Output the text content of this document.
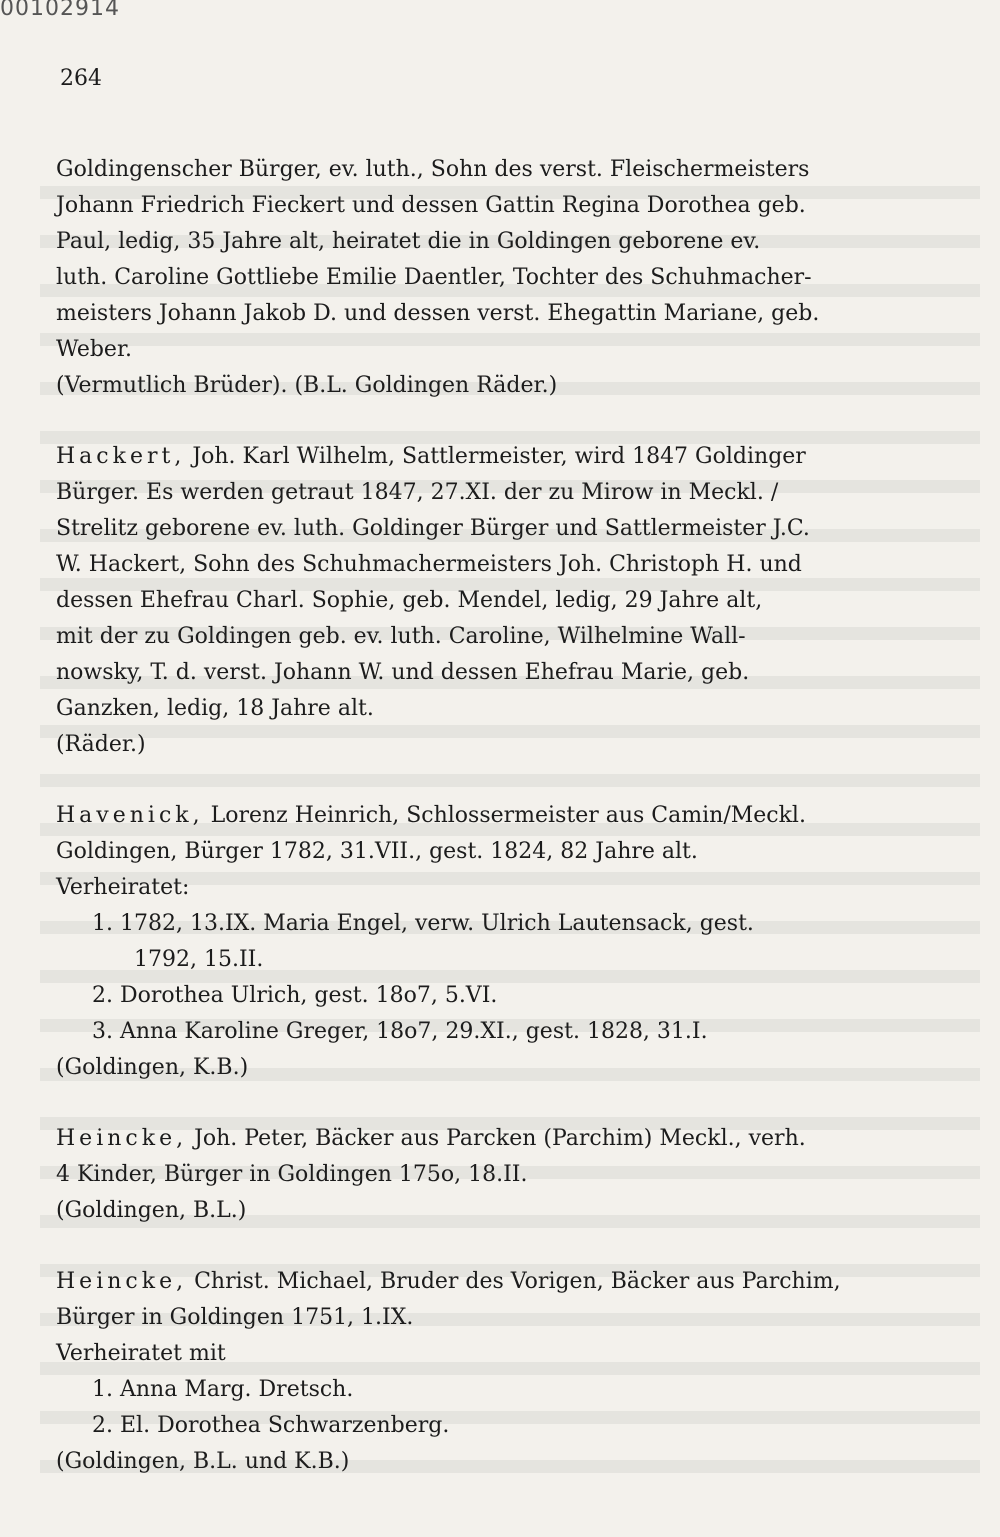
00102914
264
Goldingenscher Bürger, ev. luth., Sohn des verst. Fleischermeisters
Johann Friedrich Fieckert und dessen Gattin Regina Dorothea geb.
Paul, ledig, 35 Jahre alt, heiratet die in Goldingen geborene ev.
luth. Caroline Gottliebe Emilie Daentler, Tochter des Schuhmacher-
meisters Johann Jakob D. und dessen verst. Ehegattin Mariane, geb.
Weber.
(Vermutlich Brüder). (B.L. Goldingen Räder.)
Hackert, Joh. Karl Wilhelm, Sattlermeister, wird 1847 Goldinger
Bürger. Es werden getraut 1847, 27.XI. der zu Mirow in Meckl. /
Strelitz geborene ev. luth. Goldinger Bürger und Sattlermeister J.C.
W. Hackert, Sohn des Schuhmachermeisters Joh. Christoph H. und
dessen Ehefrau Charl. Sophie, geb. Mendel, ledig, 29 Jahre alt,
mit der zu Goldingen geb. ev. luth. Caroline, Wilhelmine Wall-
nowsky, T. d. verst. Johann W. und dessen Ehefrau Marie, geb.
Ganzken, ledig, 18 Jahre alt.
(Räder.)
Havenick, Lorenz Heinrich, Schlossermeister aus Camin/Meckl.
Goldingen, Bürger 1782, 31.VII., gest. 1824, 82 Jahre alt.
Verheiratet:
1. 1782, 13.IX. Maria Engel, verw. Ulrich Lautensack, gest.
1792, 15.II.
2. Dorothea Ulrich, gest. 18o7, 5.VI.
3. Anna Karoline Greger, 18o7, 29.XI., gest. 1828, 31.I.
(Goldingen, K.B.)
Heincke, Joh. Peter, Bäcker aus Parcken (Parchim) Meckl., verh.
4 Kinder, Bürger in Goldingen 175o, 18.II.
(Goldingen, B.L.)
Heincke, Christ. Michael, Bruder des Vorigen, Bäcker aus Parchim,
Bürger in Goldingen 1751, 1.IX.
Verheiratet mit
1. Anna Marg. Dretsch.
2. El. Dorothea Schwarzenberg.
(Goldingen, B.L. und K.B.)
